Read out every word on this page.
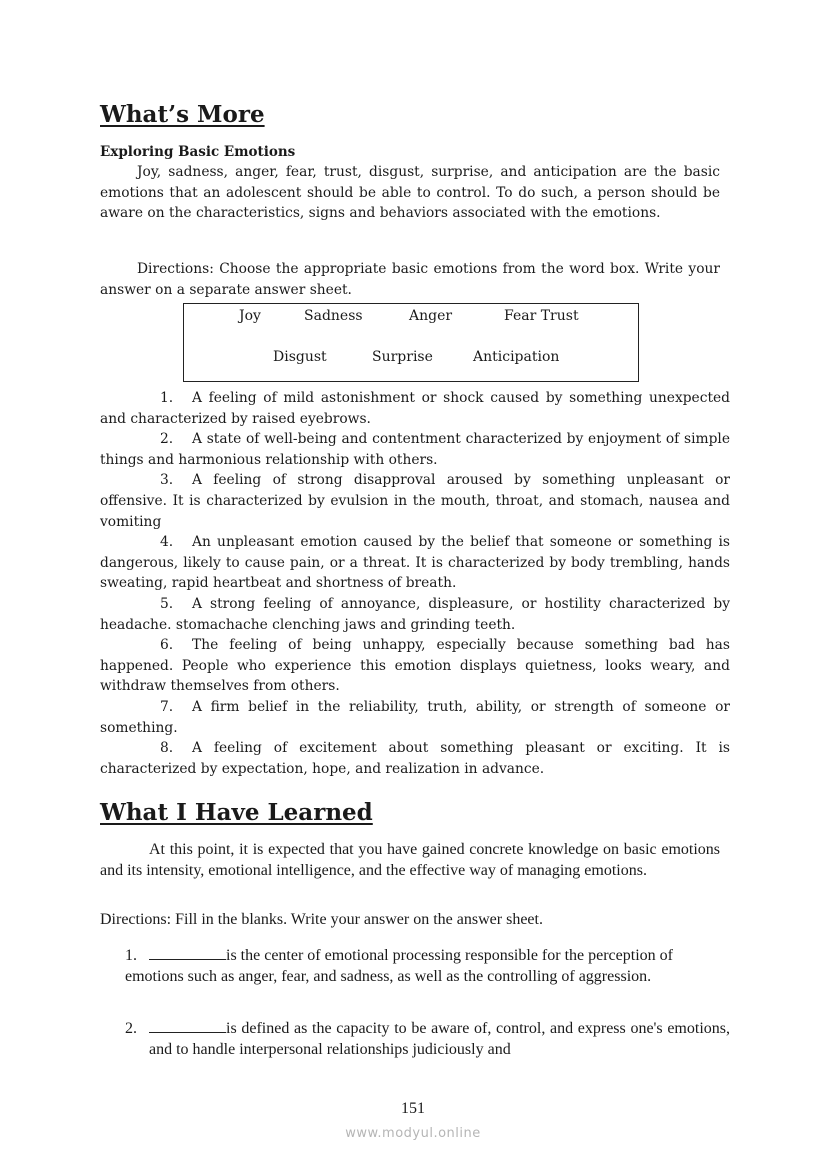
What’s More
Exploring Basic Emotions

Joy, sadness, anger, fear, trust, disgust, surprise, and anticipation are the basic emotions that an adolescent should be able to control. To do such, a person should be aware on the characteristics, signs and behaviors associated with the emotions.

Directions: Choose the appropriate basic emotions from the word box. Write your answer on a separate answer sheet.

Joy	Sadness	Anger	Fear Trust
Disgust	Surprise	Anticipation

1. A feeling of mild astonishment or shock caused by something unexpected and characterized by raised eyebrows.

2. A state of well-being and contentment characterized by enjoyment of simple things and harmonious relationship with others.

3. A feeling of strong disapproval aroused by something unpleasant or offensive. It is characterized by evulsion in the mouth, throat, and stomach, nausea and vomiting

4. An unpleasant emotion caused by the belief that someone or something is dangerous, likely to cause pain, or a threat. It is characterized by body trembling, hands sweating, rapid heartbeat and shortness of breath.

5. A strong feeling of annoyance, displeasure, or hostility characterized by headache. stomachache clenching jaws and grinding teeth.

6. The feeling of being unhappy, especially because something bad has happened. People who experience this emotion displays quietness, looks weary, and withdraw themselves from others.

7. A firm belief in the reliability, truth, ability, or strength of someone or something.

8. A feeling of excitement about something pleasant or exciting. It is characterized by expectation, hope, and realization in advance.

What I Have Learned

At this point, it is expected that you have gained concrete knowledge on basic emotions and its intensity, emotional intelligence, and the effective way of managing emotions.

Directions: Fill in the blanks. Write your answer on the answer sheet.

1.	is the center of emotional processing responsible for the perception of emotions such as anger, fear, and sadness, as well as the controlling of aggression.

2.	is defined as the capacity to be aware of, control, and express one's emotions, and to handle interpersonal relationships judiciously and

151
www.modyul.online
